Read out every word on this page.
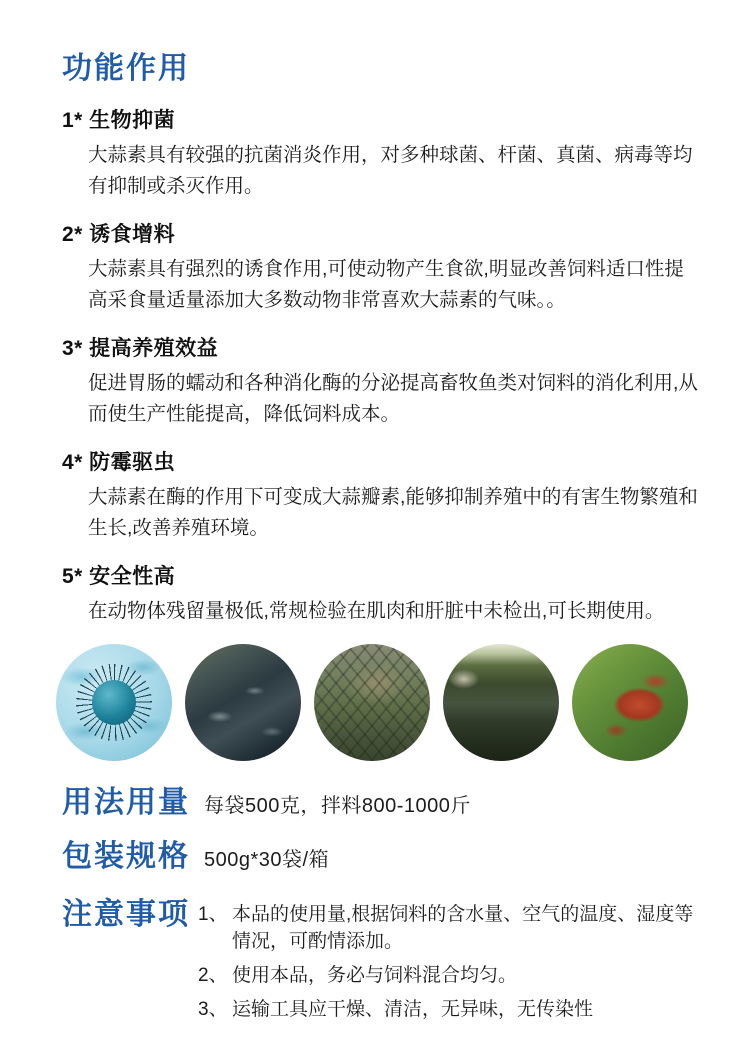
功能作用
1* 生物抑菌
大蒜素具有较强的抗菌消炎作用，对多种球菌、杆菌、真菌、病毒等均有抑制或杀灭作用。
2* 诱食增料
大蒜素具有强烈的诱食作用,可使动物产生食欲,明显改善饲料适口性提高采食量适量添加大多数动物非常喜欢大蒜素的气味。。
3* 提高养殖效益
促进胃肠的蠕动和各种消化酶的分泌提高畜牧鱼类对饲料的消化利用,从而使生产性能提高，降低饲料成本。
4* 防霉驱虫
大蒜素在酶的作用下可变成大蒜瓣素,能够抑制养殖中的有害生物繁殖和生长,改善养殖环境。
5* 安全性高
在动物体残留量极低,常规检验在肌肉和肝脏中未检出,可长期使用。
用法用量 每袋500克，拌料800-1000斤
包装规格 500g*30袋/箱
注意事项 1、 本品的使用量,根据饲料的含水量、空气的温度、湿度等情况，可酌情添加。
2、 使用本品，务必与饲料混合均匀。
3、 运输工具应干燥、清洁，无异味，无传染性
